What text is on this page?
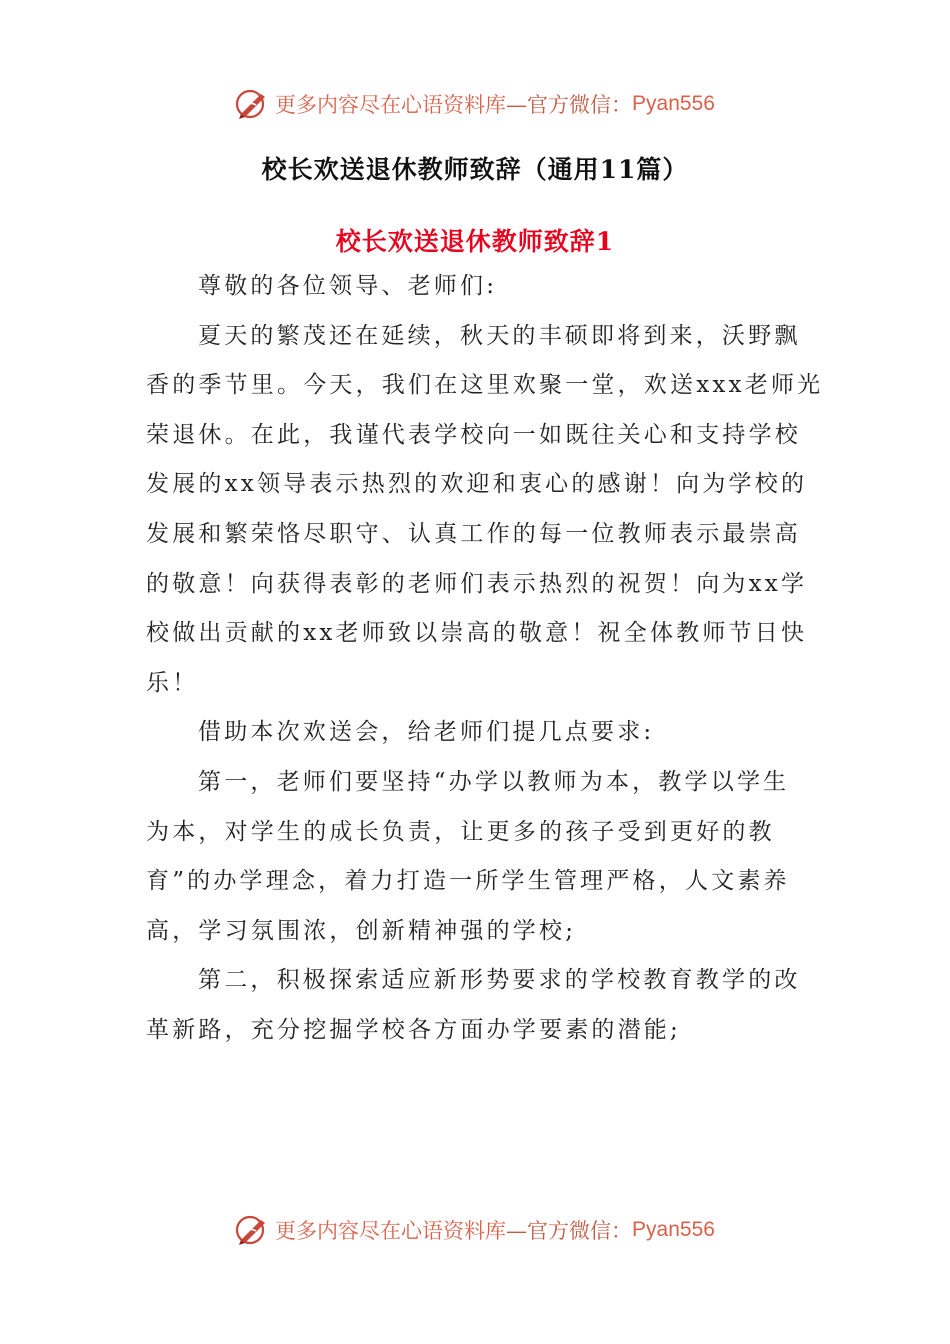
更多内容尽在心语资料库 —官方微信： Pyan556
校长欢送退休教师致辞（通用11篇）
校长欢送退休教师致辞1

尊敬的各位领导、老师们:

夏天的繁茂还在延续，秋天的丰硕即将到来，沃野飘
香的季节里。今天，我们在这里欢聚一堂，欢送xxx老师光
荣退休。在此，我谨代表学校向一如既往关心和支持学校
发展的xx领导表示热烈的欢迎和衷心的感谢！向为学校的
发展和繁荣恪尽职守、认真工作的每一位教师表示最崇高
的敬意！向获得表彰的老师们表示热烈的祝贺！向为xx学
校做出贡献的xx老师致以崇高的敬意！祝全体教师节日快
乐！

借助本次欢送会，给老师们提几点要求:

第一，老师们要坚持“办学以教师为本，教学以学生
为本，对学生的成长负责，让更多的孩子受到更好的教
育”的办学理念，着力打造一所学生管理严格，人文素养
高，学习氛围浓，创新精神强的学校;

第二，积极探索适应新形势要求的学校教育教学的改
革新路，充分挖掘学校各方面办学要素的潜能;

更多内容尽在心语资料库 —官方微信： Pyan556
